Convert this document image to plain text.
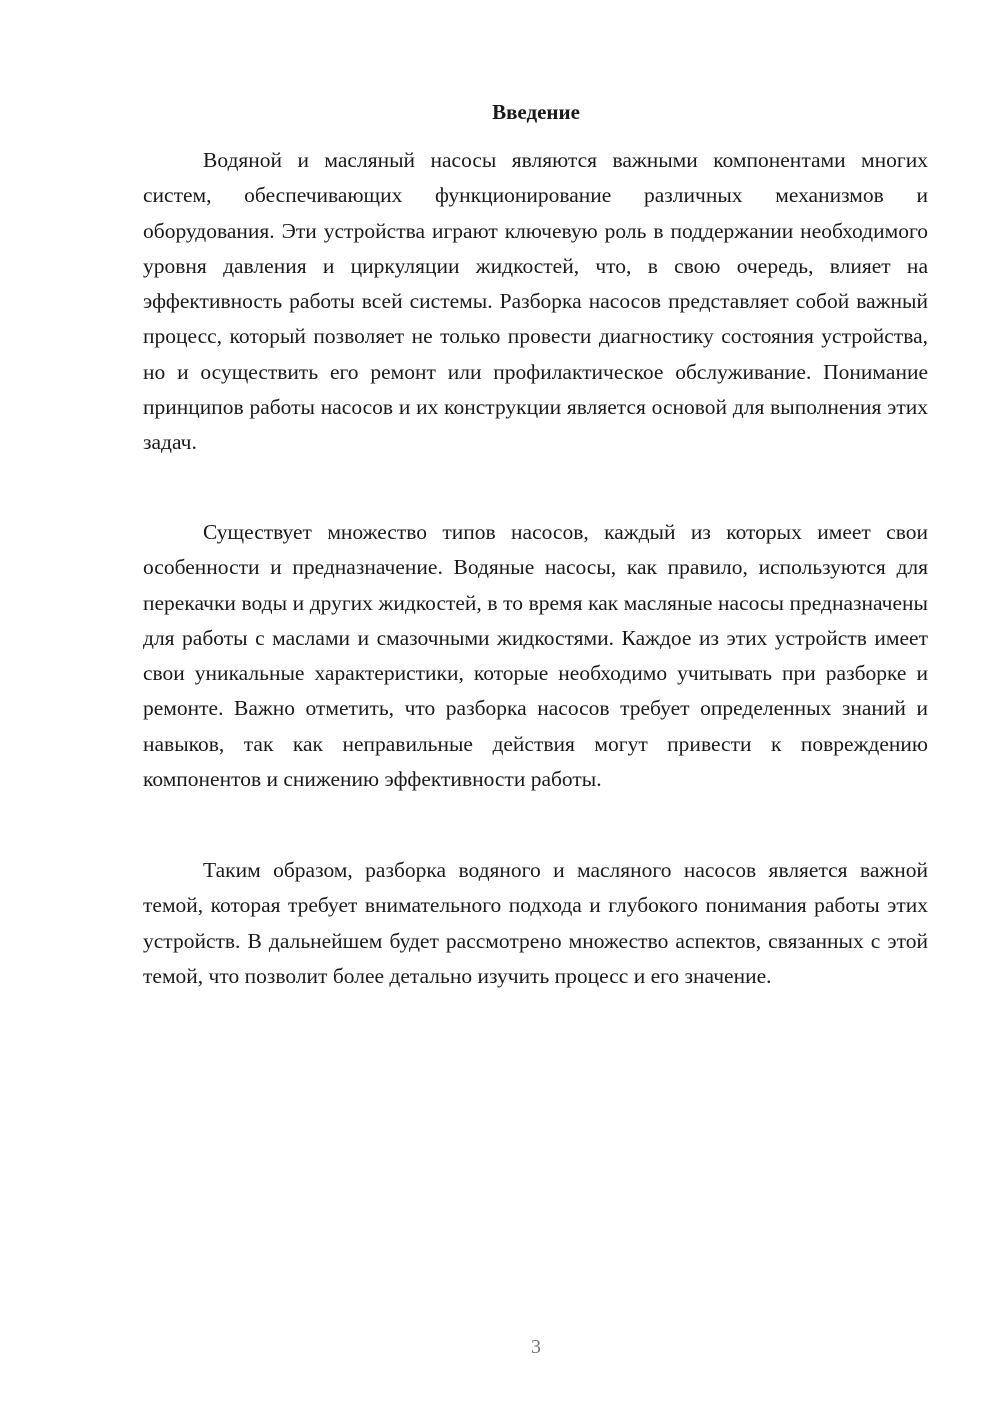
Введение

Водяной и масляный насосы являются важными компонентами многих систем, обеспечивающих функционирование различных механизмов и оборудования. Эти устройства играют ключевую роль в поддержании необходимого уровня давления и циркуляции жидкостей, что, в свою очередь, влияет на эффективность работы всей системы. Разборка насосов представляет собой важный процесс, который позволяет не только провести диагностику состояния устройства, но и осуществить его ремонт или профилактическое обслуживание. Понимание принципов работы насосов и их конструкции является основой для выполнения этих задач.

Существует множество типов насосов, каждый из которых имеет свои особенности и предназначение. Водяные насосы, как правило, используются для перекачки воды и других жидкостей, в то время как масляные насосы предназначены для работы с маслами и смазочными жидкостями. Каждое из этих устройств имеет свои уникальные характеристики, которые необходимо учитывать при разборке и ремонте. Важно отметить, что разборка насосов требует определенных знаний и навыков, так как неправильные действия могут привести к повреждению компонентов и снижению эффективности работы.

Таким образом, разборка водяного и масляного насосов является важной темой, которая требует внимательного подхода и глубокого понимания работы этих устройств. В дальнейшем будет рассмотрено множество аспектов, связанных с этой темой, что позволит более детально изучить процесс и его значение.

3
